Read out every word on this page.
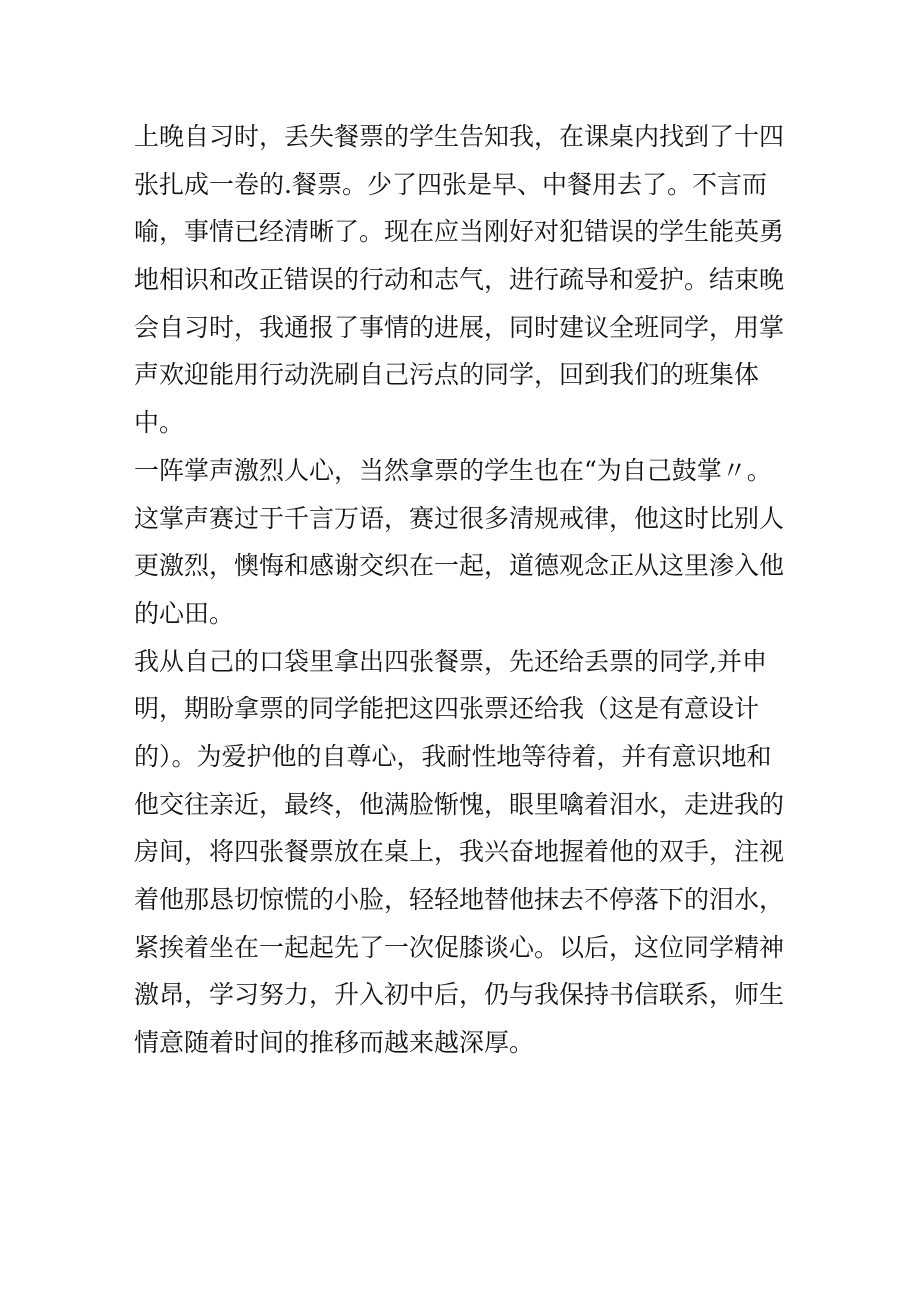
上晚自习时，丢失餐票的学生告知我，在课桌内找到了十四
张扎成一卷的.餐票。少了四张是早、中餐用去了。不言而
喻，事情已经清晰了。现在应当刚好对犯错误的学生能英勇
地相识和改正错误的行动和志气，进行疏导和爱护。结束晚
会自习时，我通报了事情的进展，同时建议全班同学，用掌
声欢迎能用行动洗刷自己污点的同学，回到我们的班集体
中。

一阵掌声激烈人心，当然拿票的学生也在“为自己鼓掌〃。
这掌声赛过于千言万语，赛过很多清规戒律，他这时比别人
更激烈，懊悔和感谢交织在一起，道德观念正从这里渗入他
的心田。

我从自己的口袋里拿出四张餐票，先还给丢票的同学,并申
明，期盼拿票的同学能把这四张票还给我（这是有意设计
的）。为爱护他的自尊心，我耐性地等待着，并有意识地和
他交往亲近，最终，他满脸惭愧，眼里噙着泪水，走进我的
房间，将四张餐票放在桌上，我兴奋地握着他的双手，注视
着他那恳切惊慌的小脸，轻轻地替他抹去不停落下的泪水，
紧挨着坐在一起起先了一次促膝谈心。以后，这位同学精神
激昂，学习努力，升入初中后，仍与我保持书信联系，师生
情意随着时间的推移而越来越深厚。
